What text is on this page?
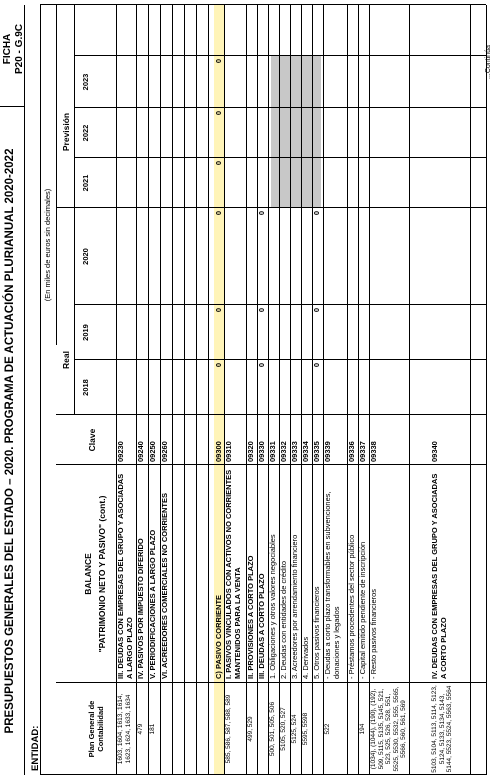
PRESUPUESTOS GENERALES DEL ESTADO – 2020. PROGRAMA DE ACTUACIÓN PLURIANUAL 2020-2022
FICHA P20 - G.9C
ENTIDAD:
(En miles de euros sin decimales)
Plan General de Contabilidad
BALANCE "PATRIMONIO NETO Y PASIVO" (cont.)
Clave
Real
Previsión
2018
2019
2020
2021
2022
2023
1603, 1604, 1613, 1614, 1623, 1624, 1633, 1634
III. DEUDAS CON EMPRESAS DEL GRUPO Y ASOCIADAS A LARGO PLAZO
09230
479
IV. PASIVOS POR IMPUESTO DIFERIDO
09240
181
V. PERIODIFICACIONES A LARGO PLAZO
09250
VI. ACREEDORES COMERCIALES NO CORRIENTES
09260
C) PASIVO CORRIENTE
09300
0
0
0
0
0
0
585, 586, 587, 588, 589
I. PASIVOS VINCULADOS CON ACTIVOS NO CORRIENTES MANTENIDOS PARA LA VENTA
09310
499, 529
II. PROVISIONES A CORTO PLAZO
09320
III. DEUDAS A CORTO PLAZO
09330
0
0
0
500, 501, 505, 506
1. Obligaciones y otros valores negociables
09331
5105, 520, 527
2. Deudas con entidades de crédito
09332
5125, 524
3. Acreedores por arrendamiento financiero
09333
5595, 5598
4. Derivados
09334
5. Otros pasivos financieros
09335
0
0
0
522
- Deudas a corto plazo transformables en subvenciones, donaciones y legados
09339
- Préstamos procedentes del sector público
09336
194
- Capital emitido pendiente de inscripción
09337
(1034), (1044), (190), (192), 509, 5115, 5135, 5145, 521, 523, 525, 526, 528, 551, 5525, 5530, 5532, 555, 5565, 5566, 560, 561, 569
- Resto pasivos financieros
09338
5103, 5104, 5113, 5114, 5123, 5124, 5133, 5134, 5143, 5144, 5523, 5524, 5563, 5564
IV. DEUDAS CON EMPRESAS DEL GRUPO Y ASOCIADAS A CORTO PLAZO
09340
...Continúa
